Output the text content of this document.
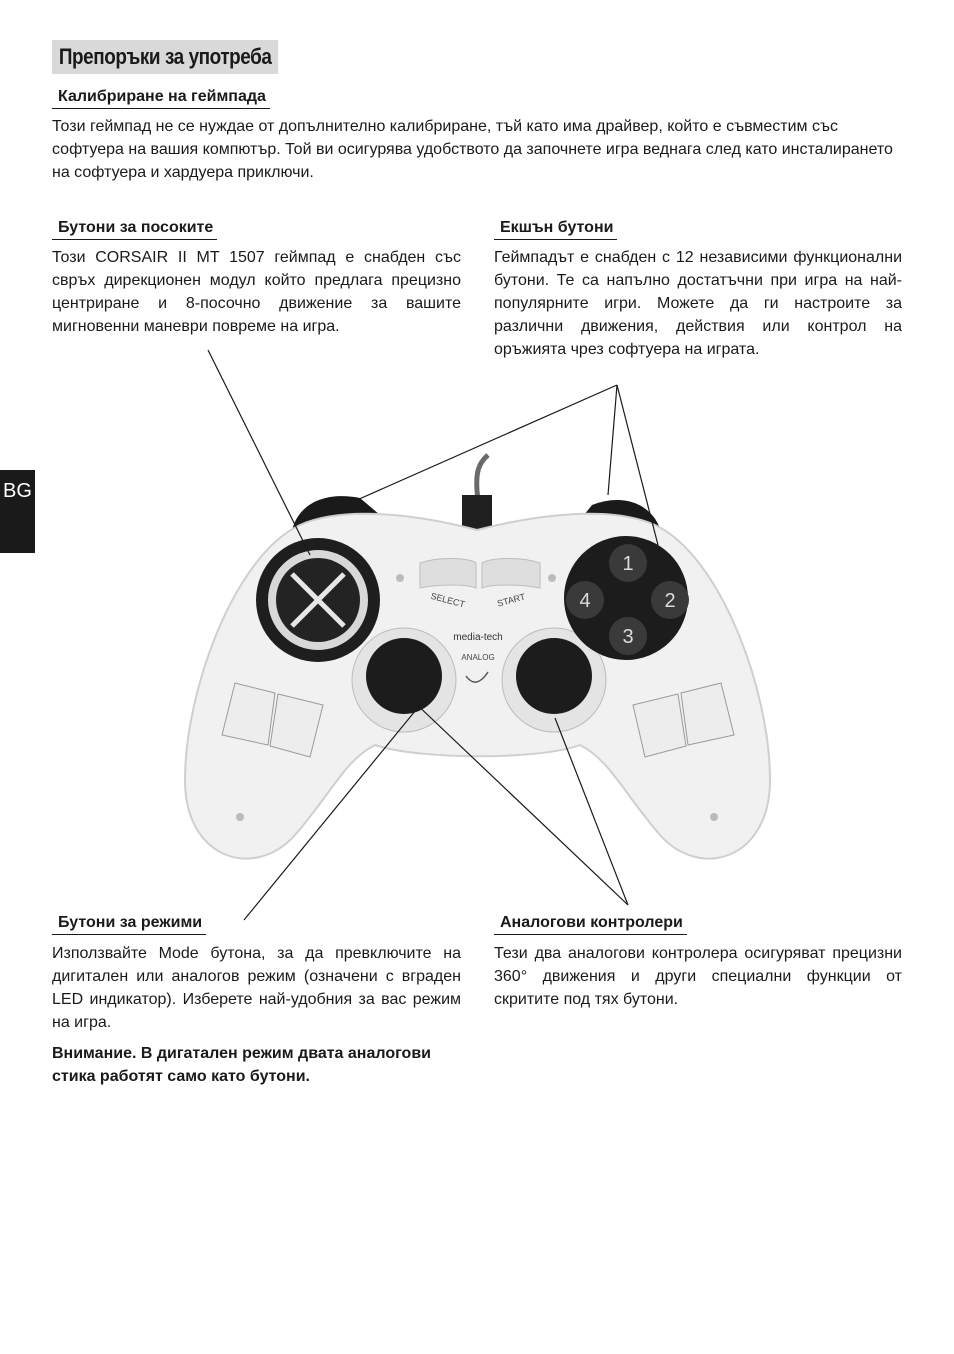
BG
Препоръки за употреба
Калибриране на геймпада

Този геймпад не се нуждае от допълнително калибриране, тъй като има драйвер, който е съвместим със софтуера на вашия компютър. Той ви осигурява удобството да започнете игра веднага след като инсталирането на софтуера и хардуера приключи.

Бутони за посоките

Този CORSAIR II MT 1507 геймпад е снабден със свръх дирекционен модул който предлага прецизно центриране и 8-посочно движение за вашите мигновенни маневри повреме на игра.

Екшън бутони

Геймпадът е снабден с 12 независими функционални бутони. Те са напълно достатъчни при игра на най-популярните игри. Можете да ги настроите за различни движения, действия или контрол на оръжията чрез софтуера на играта.

SELECT	START
media-tech
ANALOG
1
2
3
4
Бутони за режими

Използвайте Mode бутона, за да превключите на дигитален или аналогов режим (означени с вграден LED индикатор). Изберете най-удобния за вас режим на игра.

Внимание. В дигатален режим двата аналогови стика работят само като бутони.

Аналогови контролери

Тези два аналогови контролера осигуряват прецизни 360° движения и други специални функции от скритите под тях бутони.
